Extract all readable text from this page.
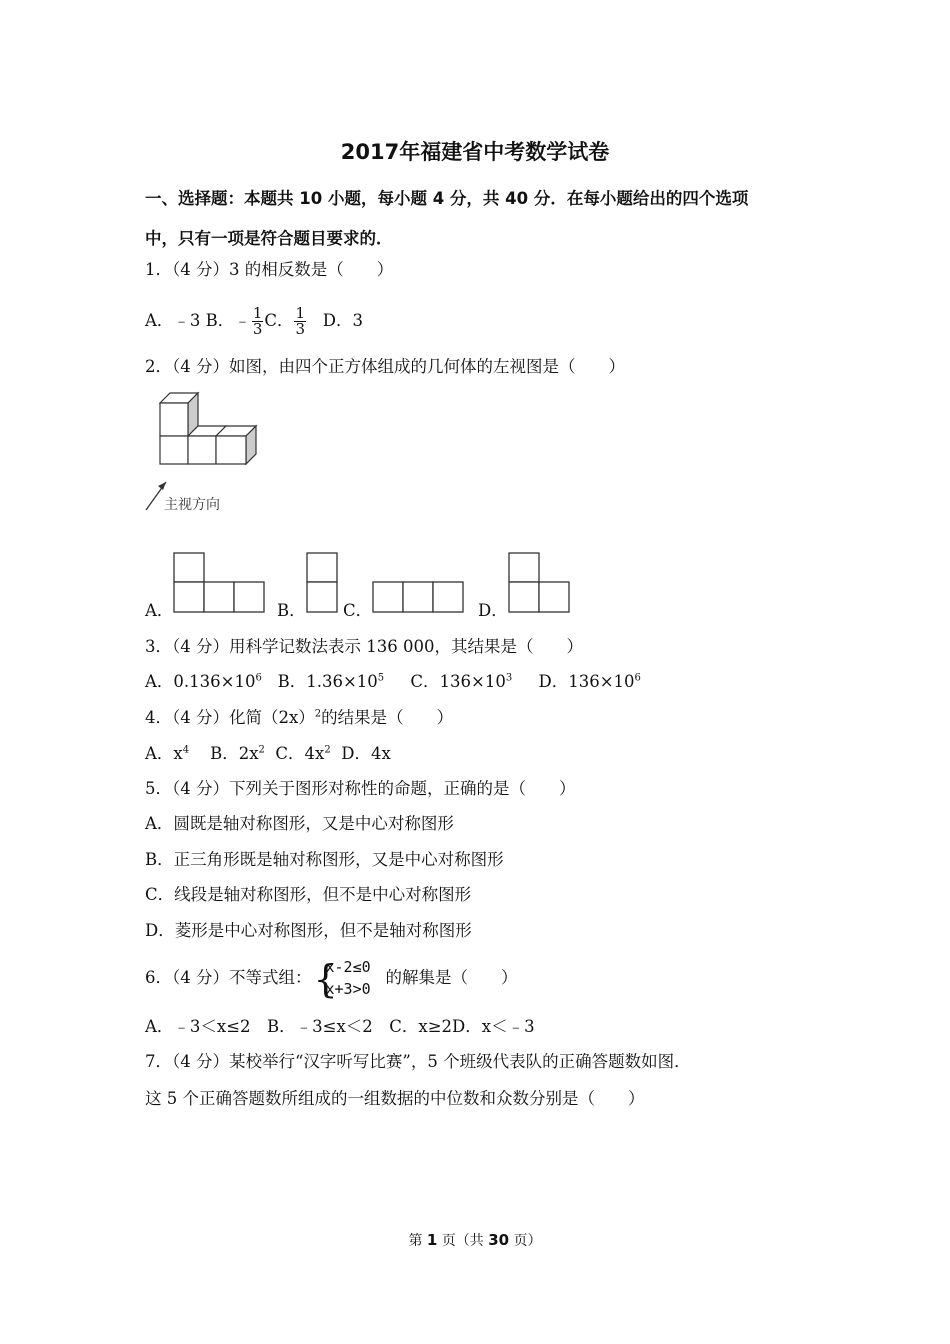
2017年福建省中考数学试卷
一、选择题：本题共 10 小题，每小题 4 分，共 40 分．在每小题给出的四个选项
中，只有一项是符合题目要求的．
1．（4 分）3 的相反数是（　　）
A．﹣3 B．﹣ $\frac{1}{3}$ C． $\frac{1}{3}$ D．3
2．（4 分）如图，由四个正方体组成的几何体的左视图是（　　）
主视方向
A．	B． C．	D．
3．（4 分）用科学记数法表示 136 000，其结果是（　　）
A．$0.136\times 10^6$ B．$1.36\times 10^5$ C．$136\times 10^3$ D．$136\times 10^6$
4．（4 分）化简$(2x)^2$的结果是（　　）
A．$x^4$ B．$2x^2$ C．$4x^2$ D．4x
5．（4 分）下列关于图形对称性的命题，正确的是（　　）
A．圆既是轴对称图形，又是中心对称图形
B．正三角形既是轴对称图形，又是中心对称图形
C．线段是轴对称图形，但不是中心对称图形
D．菱形是中心对称图形，但不是轴对称图形
6．（4 分）不等式组： {
x-2≤0
x+3>0
的解集是（　　）
A．﹣3＜x≤2　B．﹣3≤x＜2　C．x≥2D．x＜﹣3
7．（4 分）某校举行“汉字听写比赛”，5 个班级代表队的正确答题数如图．
这 5 个正确答题数所组成的一组数据的中位数和众数分别是（　　）
第 1 页（共 30 页）
